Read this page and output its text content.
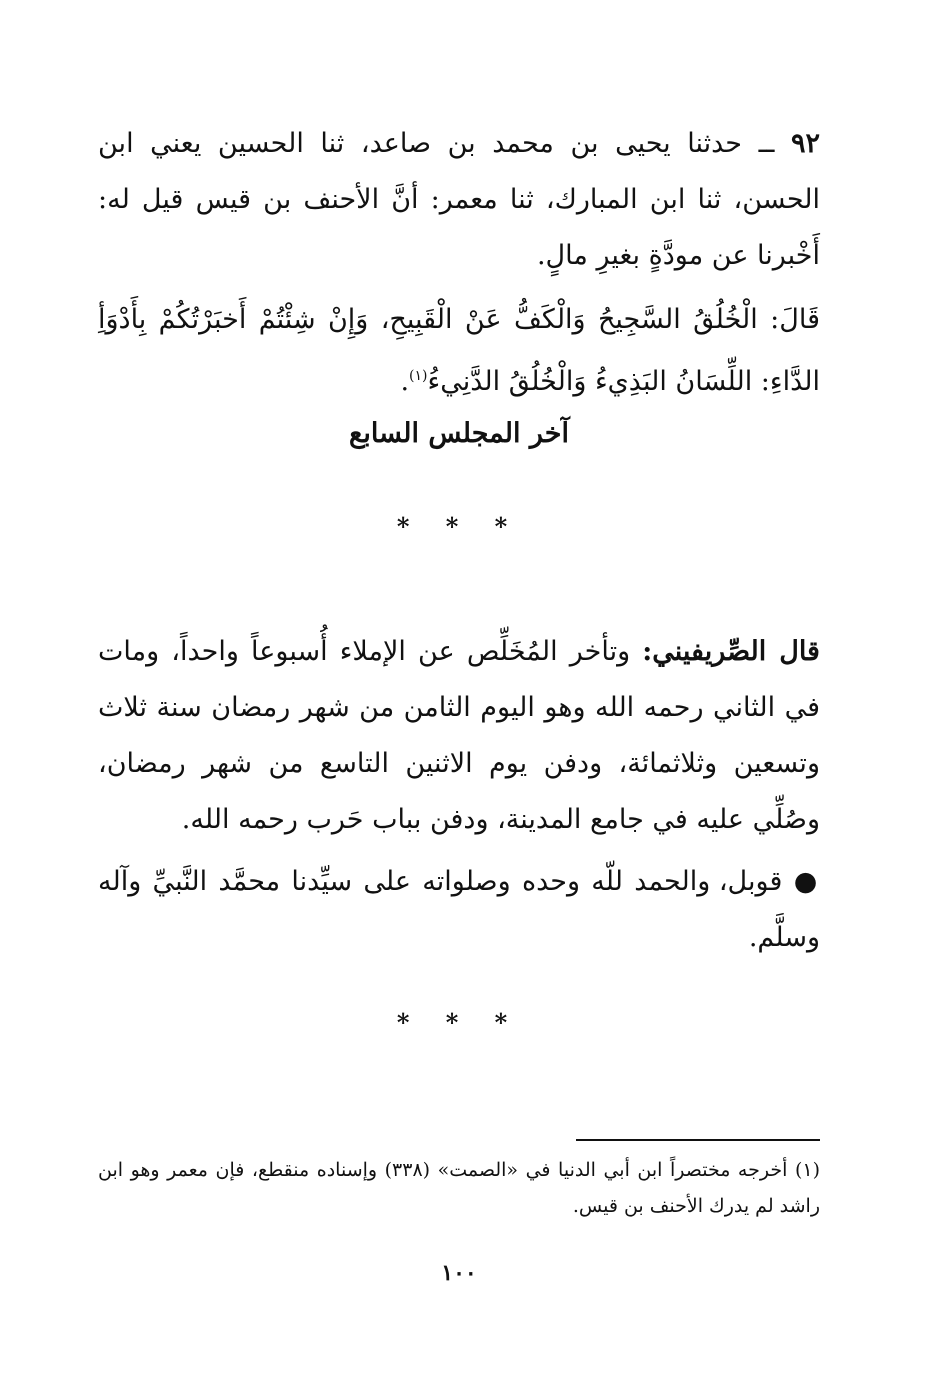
٩٢ ــ حدثنا يحيى بن محمد بن صاعد، ثنا الحسين يعني ابن الحسن، ثنا ابن المبارك، ثنا معمر: أنَّ الأحنف بن قيس قيل له: أَخْبرنا عن مودَّةٍ بغيرِ مالٍ.

قَالَ: الْخُلُقُ السَّجِيحُ وَالْكَفُّ عَنْ الْقَبِيحِ، وَإِنْ شِئْتُمْ أَخبَرْتُكُمْ بِأَدْوَأِ الدَّاءِ: اللِّسَانُ البَذِيءُ وَالْخُلُقُ الدَّنِيءُ$^{(١)}$.

آخر المجلس السابع
* * *

قال الصِّريفيني: وتأخر المُخَلِّص عن الإملاء أُسبوعاً واحداً، ومات في الثاني رحمه الله وهو اليوم الثامن من شهر رمضان سنة ثلاث وتسعين وثلاثمائة، ودفن يوم الاثنين التاسع من شهر رمضان، وصُلِّي عليه في جامع المدينة، ودفن بباب حَرب رحمه الله.

● قوبل، والحمد للّه وحده وصلواته على سيِّدنا محمَّد النَّبيِّ وآله وسلَّم.

* * *
(١) أخرجه مختصراً ابن أبي الدنيا في «الصمت» (٣٣٨) وإسناده منقطع، فإن معمر وهو ابن راشد لم يدرك الأحنف بن قيس.
١٠٠
